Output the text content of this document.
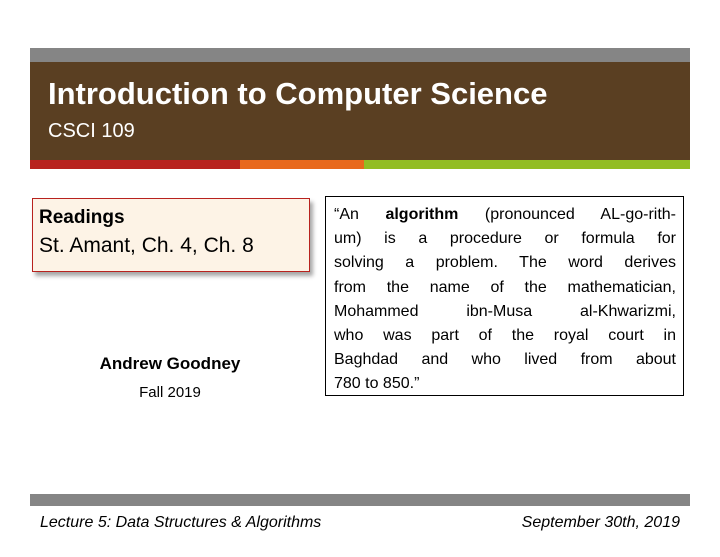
Introduction to Computer Science
CSCI 109
Readings
St. Amant, Ch. 4, Ch. 8
Andrew Goodney
Fall 2019
“An algorithm (pronounced AL-go-rith-
um) is a procedure or formula for
solving a problem. The word derives
from the name of the mathematician,
Mohammed ibn-Musa al-Khwarizmi,
who was part of the royal court in
Baghdad and who lived from about
780 to 850.”
Lecture 5: Data Structures & Algorithms	September 30th, 2019
